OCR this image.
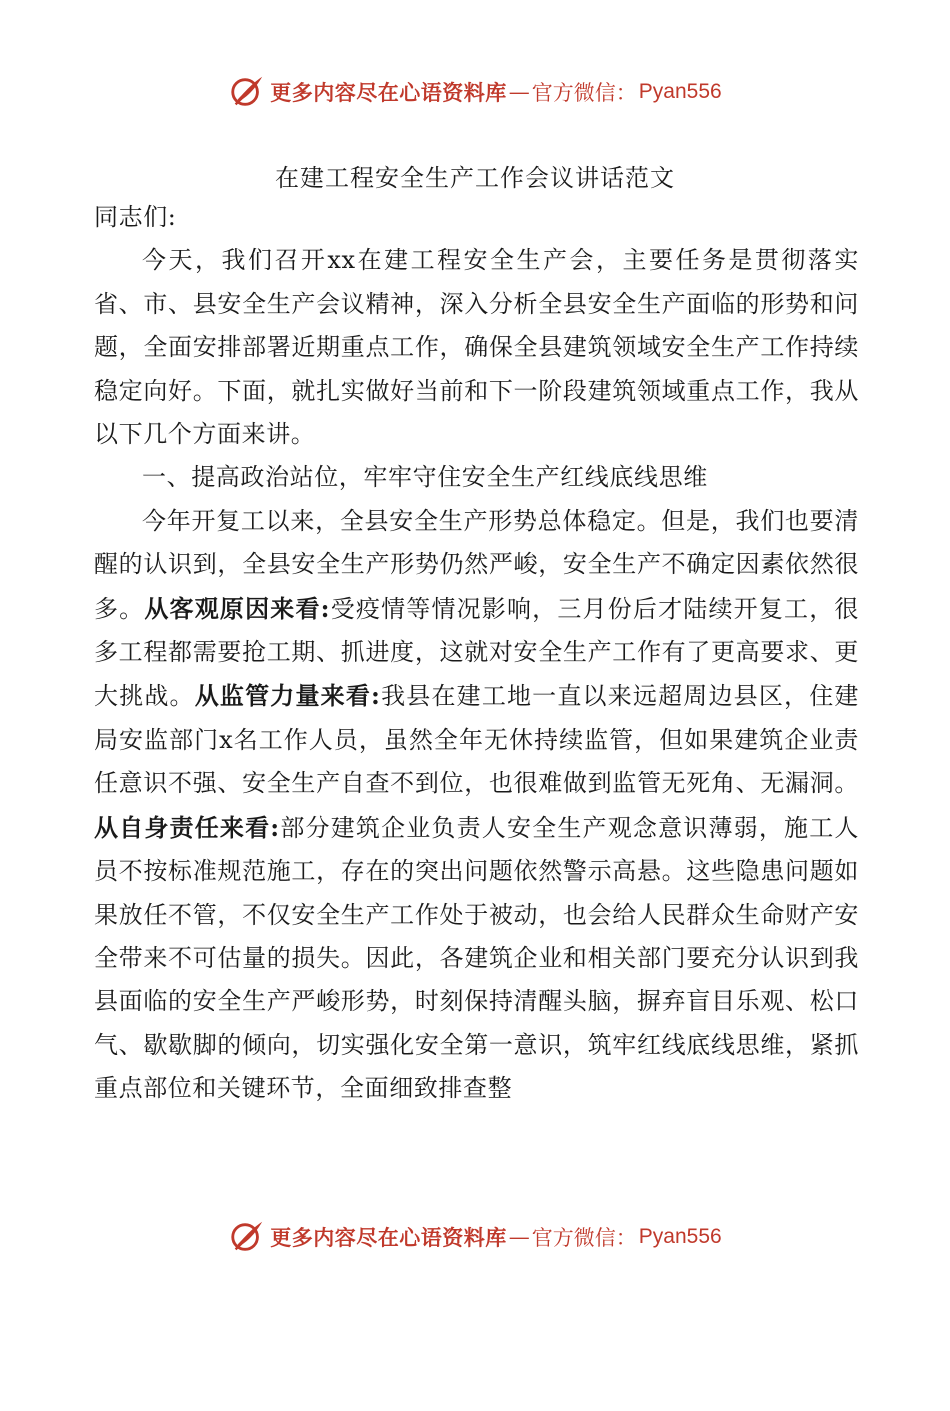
更多内容尽在心语资料库 — 官方微信： Pyan556
在建工程安全生产工作会议讲话范文

同志们:

今天，我们召开xx在建工程安全生产会，主要任务是贯彻落实省、市、县安全生产会议精神，深入分析全县安全生产面临的形势和问题，全面安排部署近期重点工作，确保全县建筑领域安全生产工作持续稳定向好。下面，就扎实做好当前和下一阶段建筑领域重点工作，我从以下几个方面来讲。

一、提高政治站位，牢牢守住安全生产红线底线思维

今年开复工以来，全县安全生产形势总体稳定。但是，我们也要清醒的认识到，全县安全生产形势仍然严峻，安全生产不确定因素依然很多。从客观原因来看:受疫情等情况影响，三月份后才陆续开复工，很多工程都需要抢工期、抓进度，这就对安全生产工作有了更高要求、更大挑战。从监管力量来看:我县在建工地一直以来远超周边县区，住建局安监部门x名工作人员，虽然全年无休持续监管，但如果建筑企业责任意识不强、安全生产自查不到位，也很难做到监管无死角、无漏洞。从自身责任来看:部分建筑企业负责人安全生产观念意识薄弱，施工人员不按标准规范施工，存在的突出问题依然警示高悬。这些隐患问题如果放任不管，不仅安全生产工作处于被动，也会给人民群众生命财产安全带来不可估量的损失。因此，各建筑企业和相关部门要充分认识到我县面临的安全生产严峻形势，时刻保持清醒头脑，摒弃盲目乐观、松口气、歇歇脚的倾向，切实强化安全第一意识，筑牢红线底线思维，紧抓重点部位和关键环节，全面细致排查整

更多内容尽在心语资料库 — 官方微信： Pyan556
